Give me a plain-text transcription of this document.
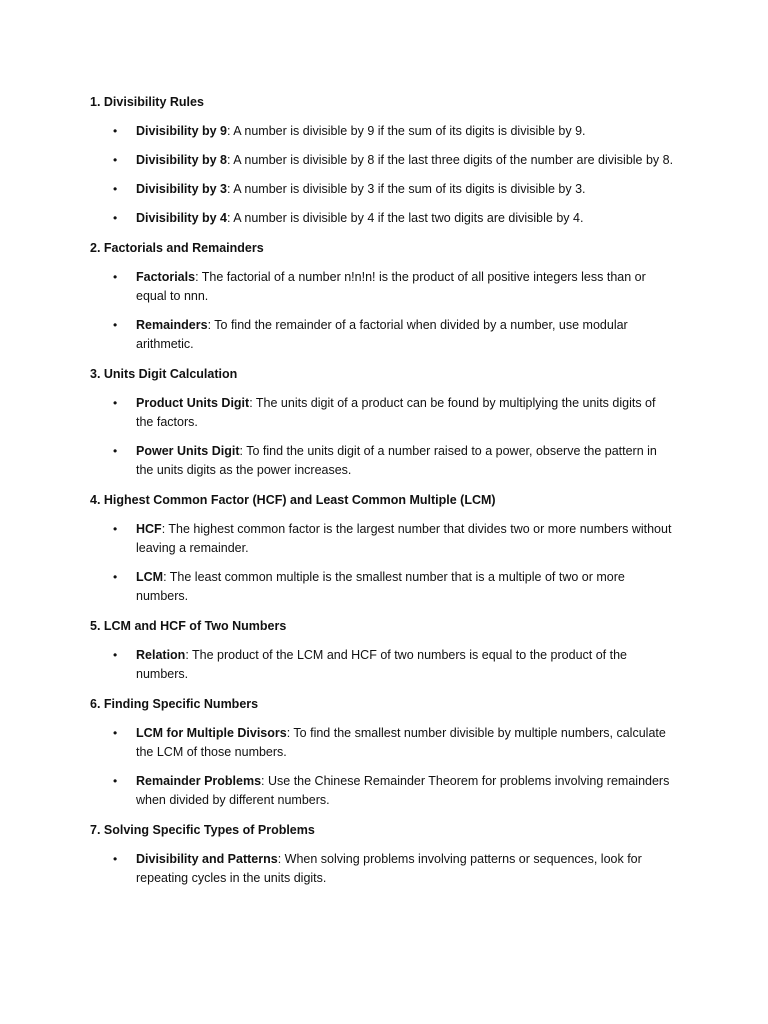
1. Divisibility Rules
• Divisibility by 9: A number is divisible by 9 if the sum of its digits is divisible by 9.
• Divisibility by 8: A number is divisible by 8 if the last three digits of the number are divisible by 8.
• Divisibility by 3: A number is divisible by 3 if the sum of its digits is divisible by 3.
• Divisibility by 4: A number is divisible by 4 if the last two digits are divisible by 4.
2. Factorials and Remainders
• Factorials: The factorial of a number n!n!n! is the product of all positive integers less than or equal to nnn.
• Remainders: To find the remainder of a factorial when divided by a number, use modular arithmetic.
3. Units Digit Calculation
• Product Units Digit: The units digit of a product can be found by multiplying the units digits of the factors.
• Power Units Digit: To find the units digit of a number raised to a power, observe the pattern in the units digits as the power increases.
4. Highest Common Factor (HCF) and Least Common Multiple (LCM)
• HCF: The highest common factor is the largest number that divides two or more numbers without leaving a remainder.
• LCM: The least common multiple is the smallest number that is a multiple of two or more numbers.
5. LCM and HCF of Two Numbers
• Relation: The product of the LCM and HCF of two numbers is equal to the product of the numbers.
6. Finding Specific Numbers
• LCM for Multiple Divisors: To find the smallest number divisible by multiple numbers, calculate the LCM of those numbers.
• Remainder Problems: Use the Chinese Remainder Theorem for problems involving remainders when divided by different numbers.
7. Solving Specific Types of Problems
• Divisibility and Patterns: When solving problems involving patterns or sequences, look for repeating cycles in the units digits.
